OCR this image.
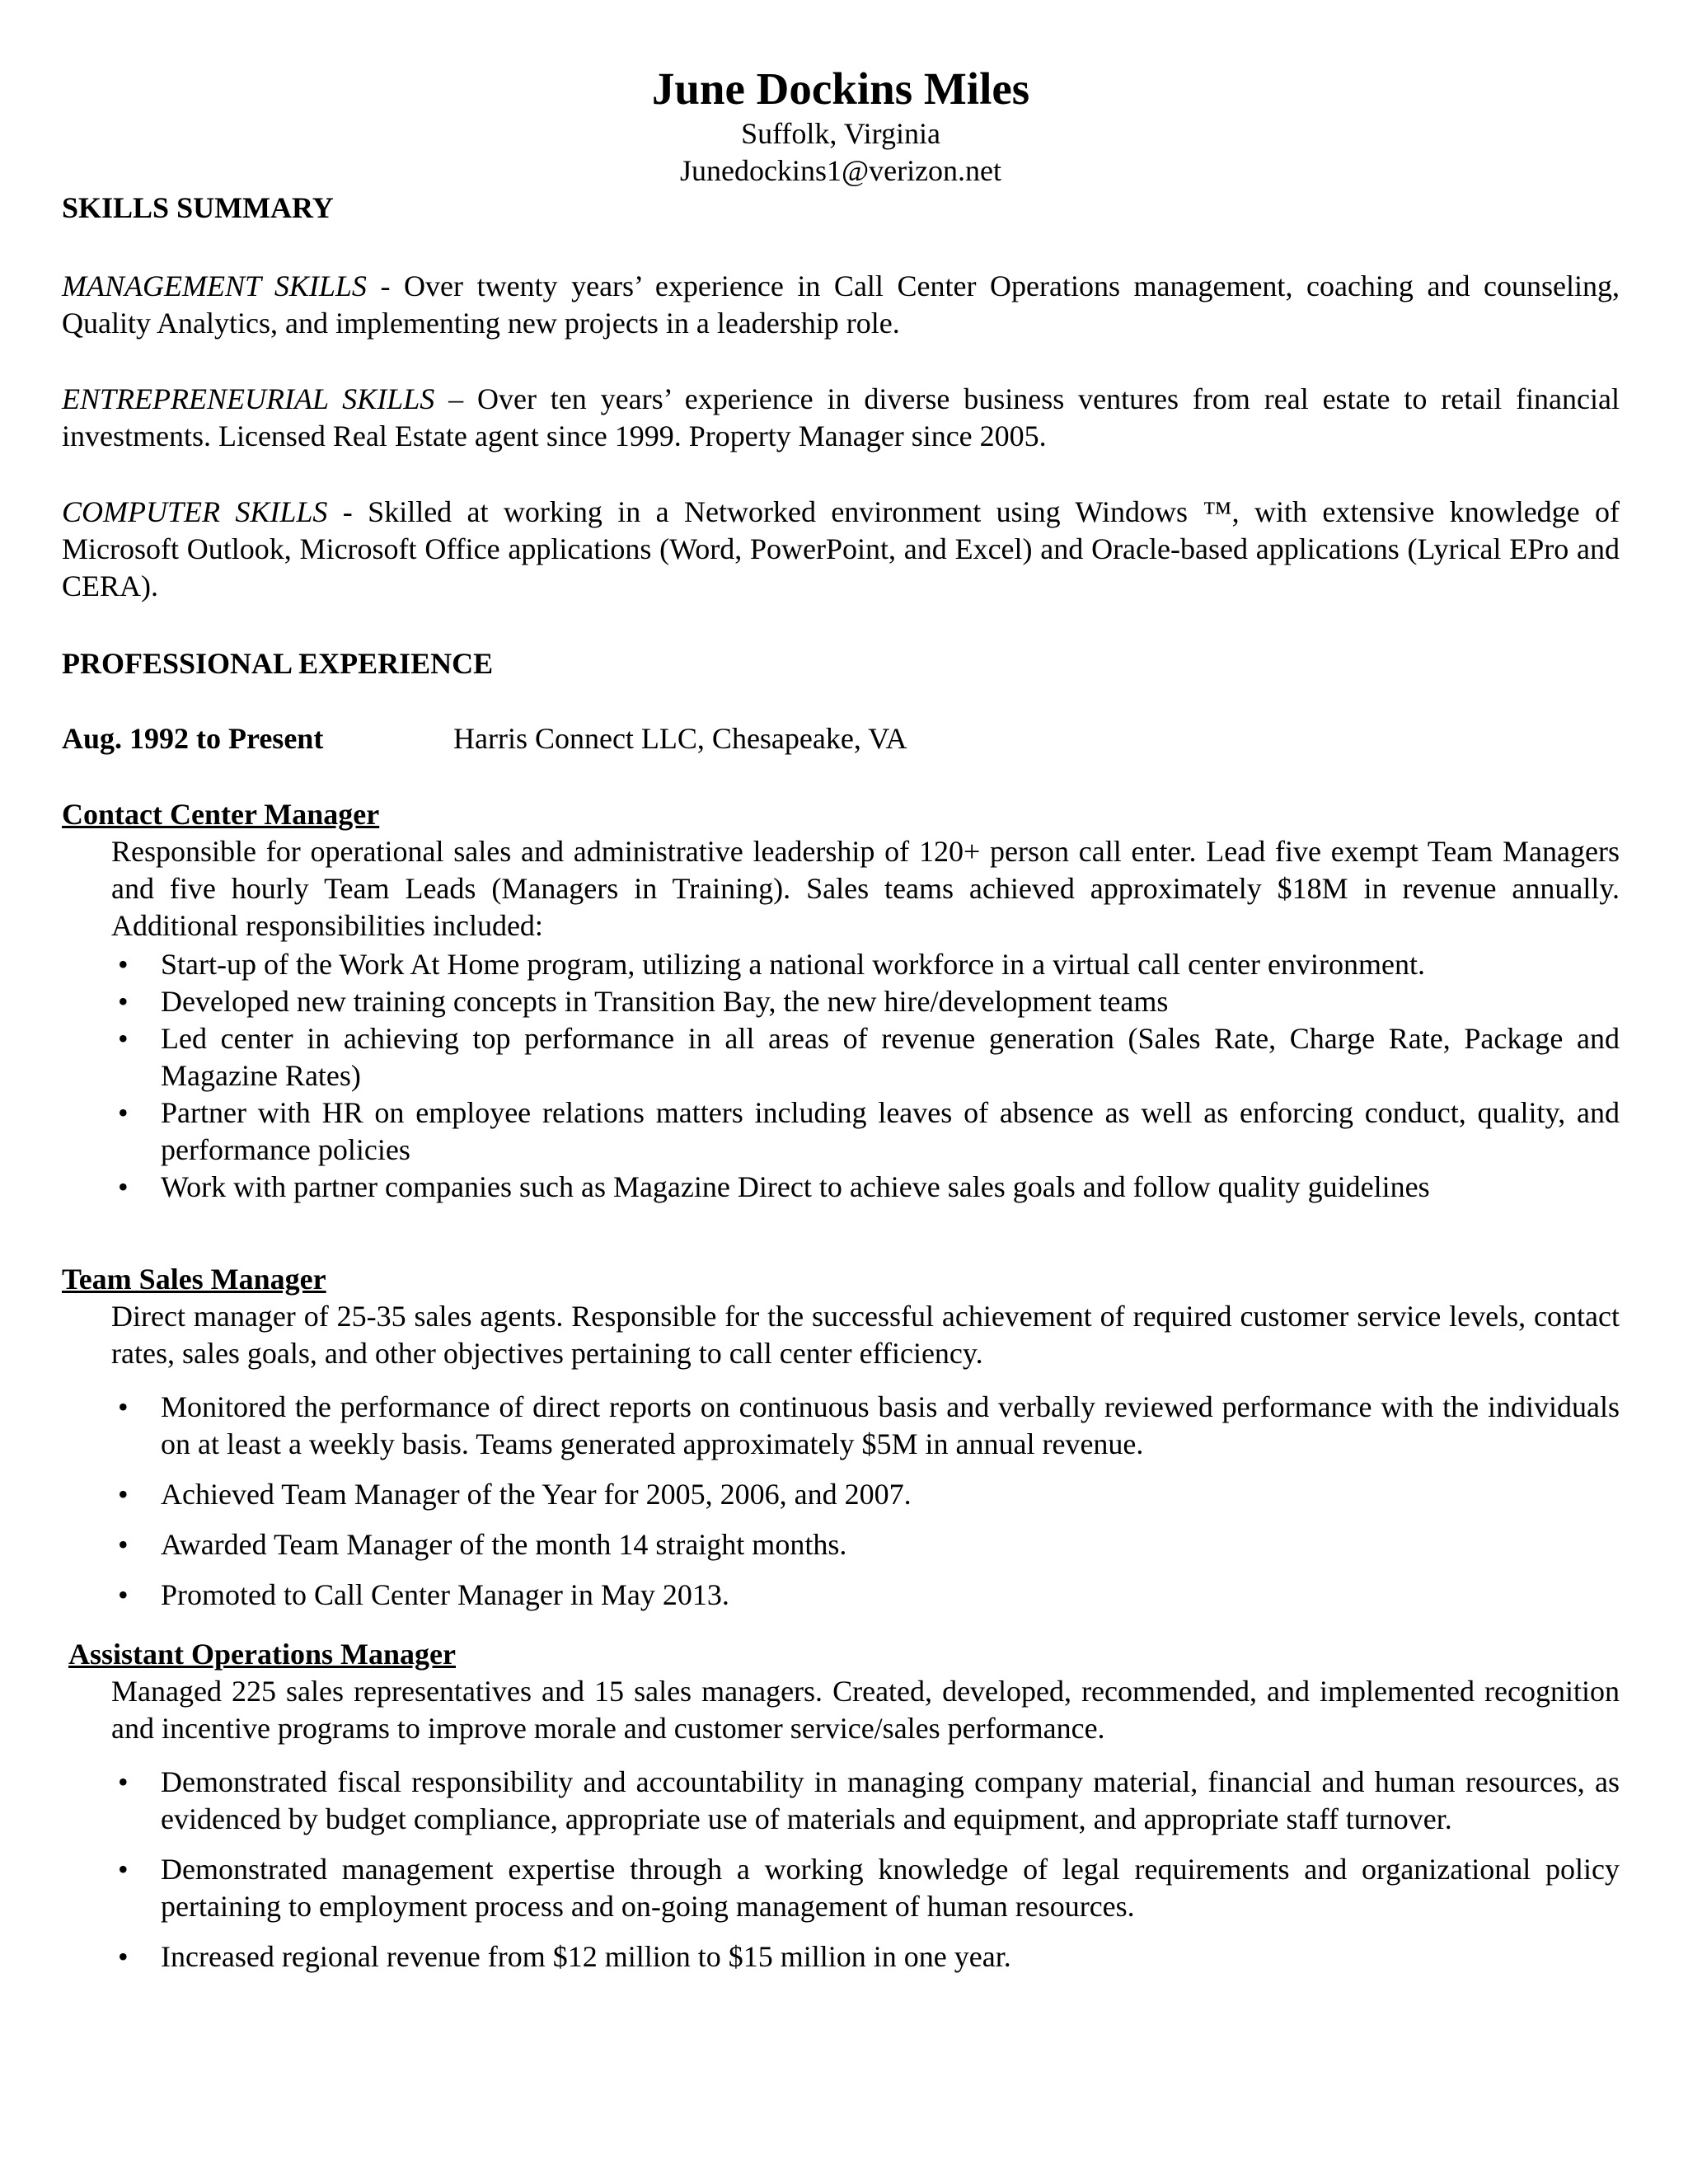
June Dockins Miles
Suffolk, Virginia
Junedockins1@verizon.net
SKILLS SUMMARY
MANAGEMENT SKILLS - Over twenty years’ experience in Call Center Operations management, coaching and counseling, Quality Analytics, and implementing new projects in a leadership role.
ENTREPRENEURIAL SKILLS – Over ten years’ experience in diverse business ventures from real estate to retail financial investments. Licensed Real Estate agent since 1999. Property Manager since 2005.
COMPUTER SKILLS - Skilled at working in a Networked environment using Windows ™, with extensive knowledge of Microsoft Outlook, Microsoft Office applications (Word, PowerPoint, and Excel) and Oracle-based applications (Lyrical EPro and CERA).
PROFESSIONAL EXPERIENCE
Aug. 1992 to Present	Harris Connect LLC, Chesapeake, VA
Contact Center Manager
Responsible for operational sales and administrative leadership of 120+ person call enter. Lead five exempt Team Managers and five hourly Team Leads (Managers in Training). Sales teams achieved approximately $18M in revenue annually. Additional responsibilities included:
• Start-up of the Work At Home program, utilizing a national workforce in a virtual call center environment.
• Developed new training concepts in Transition Bay, the new hire/development teams
• Led center in achieving top performance in all areas of revenue generation (Sales Rate, Charge Rate, Package and Magazine Rates)
• Partner with HR on employee relations matters including leaves of absence as well as enforcing conduct, quality, and performance policies
• Work with partner companies such as Magazine Direct to achieve sales goals and follow quality guidelines
Team Sales Manager
Direct manager of 25-35 sales agents. Responsible for the successful achievement of required customer service levels, contact rates, sales goals, and other objectives pertaining to call center efficiency.
• Monitored the performance of direct reports on continuous basis and verbally reviewed performance with the individuals on at least a weekly basis. Teams generated approximately $5M in annual revenue.
• Achieved Team Manager of the Year for 2005, 2006, and 2007.
• Awarded Team Manager of the month 14 straight months.
• Promoted to Call Center Manager in May 2013.
Assistant Operations Manager
Managed 225 sales representatives and 15 sales managers. Created, developed, recommended, and implemented recognition and incentive programs to improve morale and customer service/sales performance.
• Demonstrated fiscal responsibility and accountability in managing company material, financial and human resources, as evidenced by budget compliance, appropriate use of materials and equipment, and appropriate staff turnover.
• Demonstrated management expertise through a working knowledge of legal requirements and organizational policy pertaining to employment process and on-going management of human resources.
• Increased regional revenue from $12 million to $15 million in one year.
